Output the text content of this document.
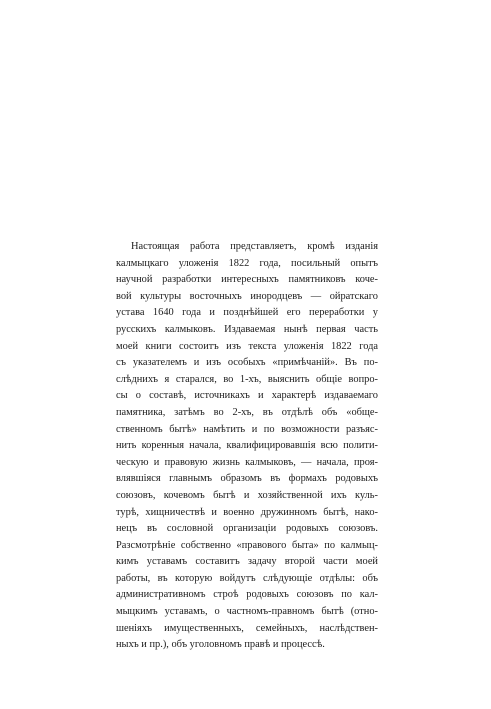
Настоящая работа представляетъ, кромѣ изданія
калмыцкаго уложенія 1822 года, посильный опытъ
научной разработки интересныхъ памятниковъ коче-
вой культуры восточныхъ инородцевъ — ойратскаго
устава 1640 года и позднѣйшей его переработки у
русскихъ калмыковъ. Издаваемая нынѣ первая часть
моей книги состоитъ изъ текста уложенія 1822 года
съ указателемъ и изъ особыхъ «примѣчаній». Въ по-
слѣднихъ я старался, во 1-хъ, выяснить общіе вопро-
сы о составѣ, источникахъ и характерѣ издаваемаго
памятника, затѣмъ во 2-хъ, въ отдѣлѣ объ «обще-
ственномъ бытѣ» намѣтить и по возможности разъяс-
нить коренныя начала, квалифицировавшія всю полити-
ческую и правовую жизнь калмыковъ, — начала, проя-
влявшіяся главнымъ образомъ въ формахъ родовыхъ
союзовъ, кочевомъ бытѣ и хозяйственной ихъ куль-
турѣ, хищничествѣ и военно дружинномъ бытѣ, нако-
нецъ въ сословной организаціи родовыхъ союзовъ.
Разсмотрѣніе собственно «правового быта» по калмыц-
кимъ уставамъ составитъ задачу второй части моей
работы, въ которую войдутъ слѣдующіе отдѣлы: объ
административномъ строѣ родовыхъ союзовъ по кал-
мыцкимъ уставамъ, о частномъ-правномъ бытѣ (отно-
шеніяхъ имущественныхъ, семейныхъ, наслѣдствен-
ныхъ и пр.), объ уголовномъ правѣ и процессѣ.
